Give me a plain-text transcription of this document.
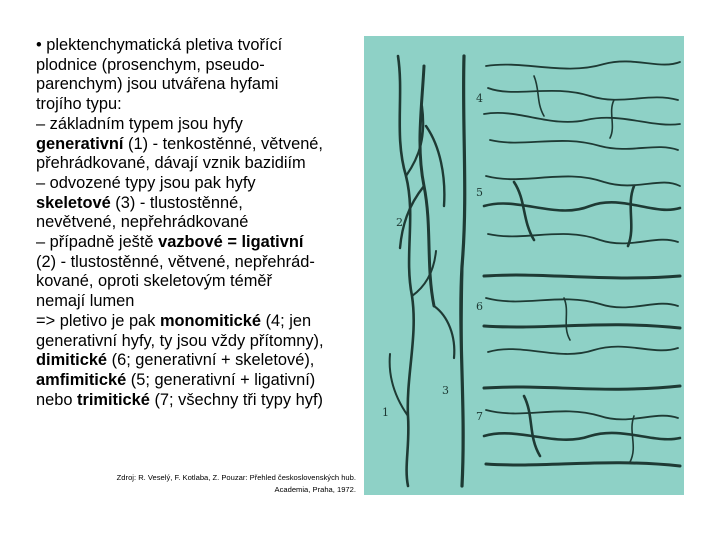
• plektenchymatická pletiva tvořící
plodnice (prosenchym, pseudo-
parenchym) jsou utvářena hyfami
trojího typu:
– základním typem jsou hyfy
generativní (1) - tenkostěnné, větvené,
přehrádkované, dávají vznik bazidiím
– odvozené typy jsou pak hyfy
skeletové (3) - tlustostěnné,
nevětvené, nepřehrádkované
– případně ještě vazbové = ligativní
(2) - tlustostěnné, větvené, nepřehrád-
kované, oproti skeletovým téměř
nemají lumen
=> pletivo je pak monomitické (4; jen
generativní hyfy, ty jsou vždy přítomny),
dimitické (6; generativní + skeletové),
amfimitické (5; generativní + ligativní)
nebo trimitické (7; všechny tři typy hyf)
Zdroj: R. Veselý, F. Kotlaba, Z. Pouzar: Přehled československých hub.
Academia, Praha, 1972.
1
2
3
4
5
6
7
